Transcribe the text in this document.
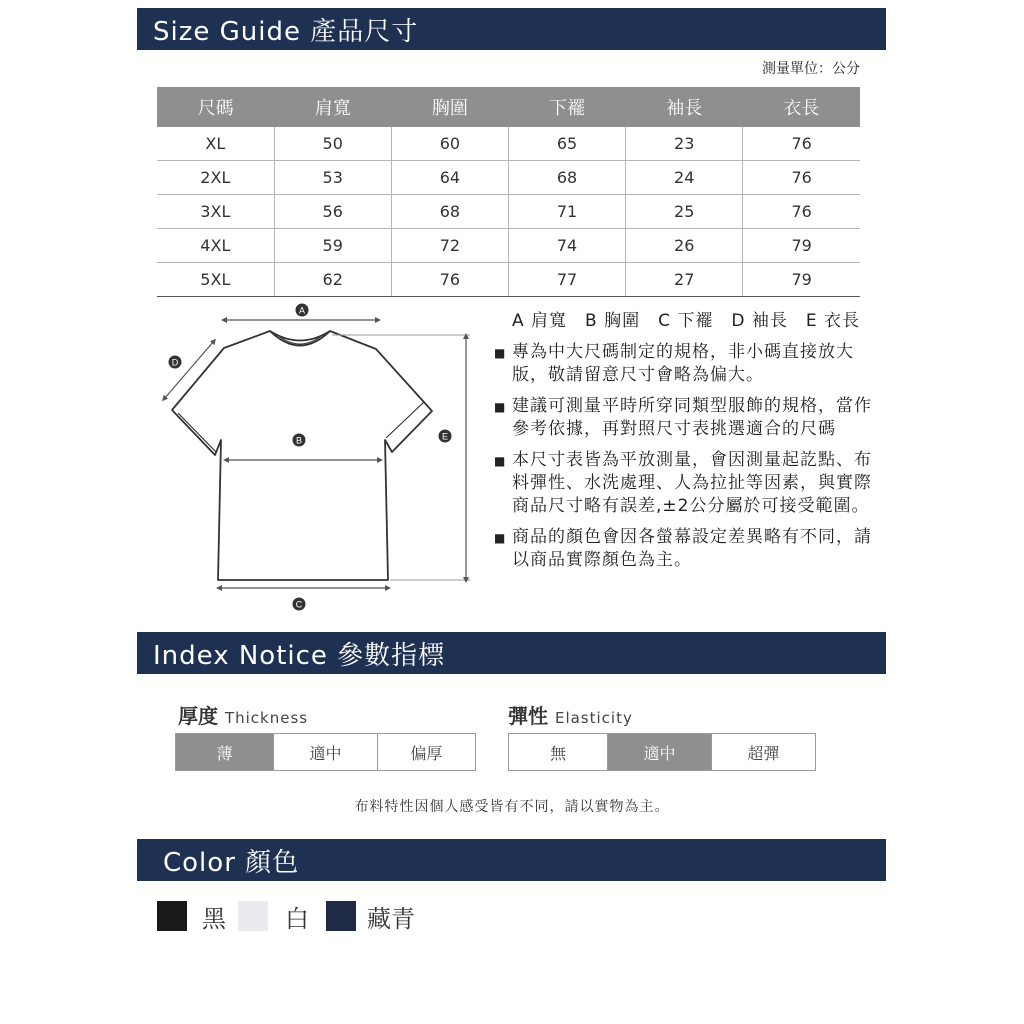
Size Guide 產品尺寸
測量單位：公分
尺碼	肩寬	胸圍	下襬	袖長	衣長
XL	50	60	65	23	76
2XL	53	64	68	24	76
3XL	56	68	71	25	76
4XL	59	72	74	26	79
5XL	62	76	77	27	79
A
D
B
C
E
A 肩寬　B 胸圍　C 下襬　D 袖長　E 衣長
■ 專為中大尺碼制定的規格，非小碼直接放大版，敬請留意尺寸會略為偏大。
■ 建議可測量平時所穿同類型服飾的規格，當作參考依據，再對照尺寸表挑選適合的尺碼
■ 本尺寸表皆為平放測量，會因測量起訖點、布料彈性、水洗處理、人為拉扯等因素，與實際商品尺寸略有誤差,±2公分屬於可接受範圍。
■ 商品的顏色會因各螢幕設定差異略有不同，請以商品實際顏色為主。
Index Notice 參數指標
厚度 Thickness
薄	適中	偏厚
彈性 Elasticity
無	適中	超彈
布料特性因個人感受皆有不同，請以實物為主。
Color 顏色
黑 白 藏青
